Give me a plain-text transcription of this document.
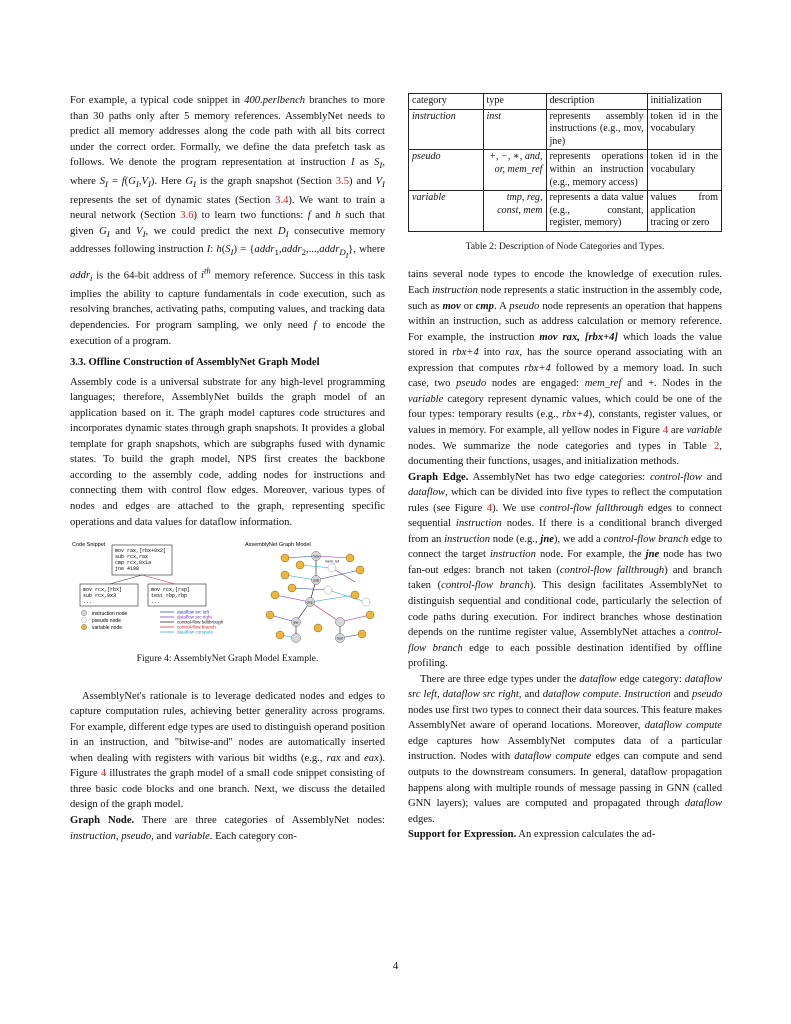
For example, a typical code snippet in 400.perlbench branches to more than 30 paths only after 5 memory references. AssemblyNet needs to predict all memory addresses along the code path with all bits correct under the correct order. Formally, we define the data prefetch task as follows. We denote the program representation at instruction I as $S_I$, where $S_I = f(G_I,V_I)$. Here $G_I$ is the graph snapshot (Section 3.5) and $V_I$ represents the set of dynamic states (Section 3.4). We want to train a neural network (Section 3.6) to learn two functions: f and h such that given $G_I$ and $V_I$, we could predict the next $D_I$ consecutive memory addresses following instruction I: $h(S_I)$ = {addr$_1$,addr$_2$,...,addr$_{D_I}$}, where addr$_i$ is the 64-bit address of $i^{th}$ memory reference. Success in this task implies the ability to capture fundamentals in code execution, such as resolving branches, activating paths, computing values, and tracking data dependencies. For program sampling, we only need f to encode the execution of a program.

3.3. Offline Construction of AssemblyNet Graph Model

Assembly code is a universal substrate for any high-level programming languages; therefore, AssemblyNet builds the graph model of an application based on it. The graph model captures code structures and incorporates dynamic states through graph snapshots. It provides a global template for graph snapshots, which are subgraphs fused with dynamic states. To build the graph model, NPS first creates the backbone according to the assembly code, adding nodes for instructions and connecting them with control flow edges. Moreover, various types of nodes and edges are attached to the graph, representing specific operations and data values for dataflow information.

Code Snippet
mov rax,[rbx+0x2]
sub rcx,rax
cmp rcx,0x1a
jne 4198
mov rcx,[rbx]
sub rcx,0x3
...
mov rcx,[rsp]
test rbp,rbp
...
instruction node
pseudo node
variable node
dataflow src left
dataflow src right
control-flow fallthrough
control-flow branch
dataflow compute
AssemblyNet Graph Model
mov
sub
cmp
jne
mem_ref
test

Figure 4: AssemblyNet Graph Model Example.

AssemblyNet's rationale is to leverage dedicated nodes and edges to capture computation rules, achieving better generality across programs. For example, different edge types are used to distinguish operand position in an instruction, and "bitwise-and" nodes are automatically inserted when dealing with registers with various bit widths (e.g., rax and eax). Figure 4 illustrates the graph model of a small code snippet consisting of three basic code blocks and one branch. Next, we discuss the detailed design of the graph model.

Graph Node. There are three categories of AssemblyNet nodes: instruction, pseudo, and variable. Each category con-

category	type	description	initialization
instruction	inst	represents assembly instructions (e.g., mov, jne)	token id in the vocabulary
pseudo	+, −, ∗, and, or, mem_ref	represents operations within an instruction (e.g., memory access)	token id in the vocabulary
variable	tmp, reg, const, mem	represents a data value (e.g., constant, register, memory)	values from application tracing or zero

Table 2: Description of Node Categories and Types.

tains several node types to encode the knowledge of execution rules. Each instruction node represents a static instruction in the assembly code, such as mov or cmp. A pseudo node represents an operation that happens within an instruction, such as address calculation or memory reference. For example, the instruction mov rax, [rbx+4] which loads the value stored in rbx+4 into rax, has the source operand associating with an expression that computes rbx+4 followed by a memory load. In such case, two pseudo nodes are engaged: mem_ref and +. Nodes in the variable category represent dynamic values, which could be one of the four types: temporary results (e.g., rbx+4), constants, register values, or values in memory. For example, all yellow nodes in Figure 4 are variable nodes. We summarize the node categories and types in Table 2, documenting their functions, usages, and initialization methods.

Graph Edge. AssemblyNet has two edge categories: control-flow and dataflow, which can be divided into five types to reflect the computation rules (see Figure 4). We use control-flow fallthrough edges to connect sequential instruction nodes. If there is a conditional branch diverged from an instruction node (e.g., jne), we add a control-flow branch edge to connect the target instruction node. For example, the jne node has two fan-out edges: branch not taken (control-flow fallthrough) and branch taken (control-flow branch). This design facilitates AssemblyNet to distinguish sequential and conditional code, particularly the selection of code paths during execution. For indirect branches whose destination depends on the runtime register value, AssemblyNet attaches a control-flow branch edge to each possible destination identified by offline profiling.

There are three edge types under the dataflow edge category: dataflow src left, dataflow src right, and dataflow compute. Instruction and pseudo nodes use first two types to connect their data sources. This feature makes AssemblyNet aware of operand locations. Moreover, dataflow compute edge captures how AssemblyNet computes data of a particular instruction. Nodes with dataflow compute edges can compute and send outputs to the downstream consumers. In general, dataflow propagation happens along with multiple rounds of message passing in GNN (called GNN layers); values are computed and propagated through dataflow edges.

Support for Expression. An expression calculates the ad-

4
